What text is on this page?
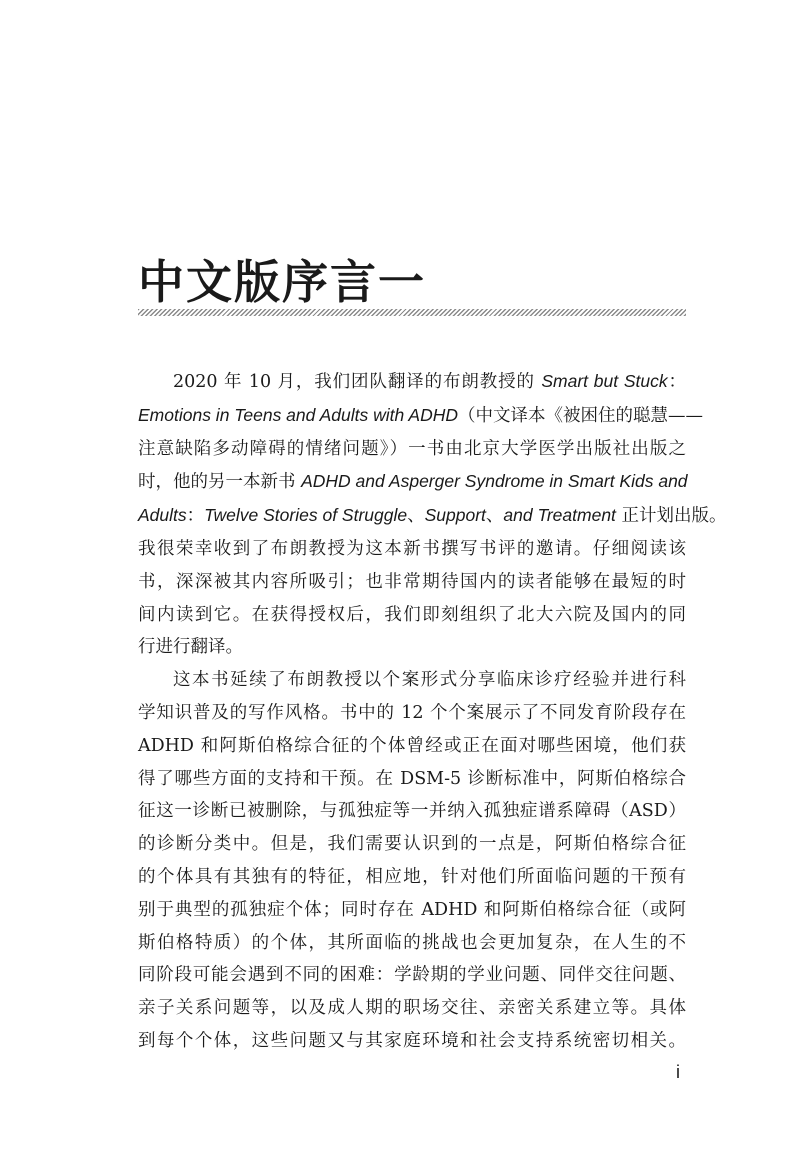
中文版序言一

2020 年 10 月，我们团队翻译的布朗教授的 Smart but Stuck：
Emotions in Teens and Adults with ADHD（中文译本《被困住的聪慧——
注意缺陷多动障碍的情绪问题》）一书由北京大学医学出版社出版之
时，他的另一本新书 ADHD and Asperger Syndrome in Smart Kids and
Adults：Twelve Stories of Struggle、Support、and Treatment 正计划出版。
我很荣幸收到了布朗教授为这本新书撰写书评的邀请。仔细阅读该
书，深深被其内容所吸引；也非常期待国内的读者能够在最短的时
间内读到它。在获得授权后，我们即刻组织了北大六院及国内的同
行进行翻译。

这本书延续了布朗教授以个案形式分享临床诊疗经验并进行科
学知识普及的写作风格。书中的 12 个个案展示了不同发育阶段存在
ADHD 和阿斯伯格综合征的个体曾经或正在面对哪些困境，他们获
得了哪些方面的支持和干预。在 DSM-5 诊断标准中，阿斯伯格综合
征这一诊断已被删除，与孤独症等一并纳入孤独症谱系障碍（ASD）
的诊断分类中。但是，我们需要认识到的一点是，阿斯伯格综合征
的个体具有其独有的特征，相应地，针对他们所面临问题的干预有
别于典型的孤独症个体；同时存在 ADHD 和阿斯伯格综合征（或阿
斯伯格特质）的个体，其所面临的挑战也会更加复杂，在人生的不
同阶段可能会遇到不同的困难：学龄期的学业问题、同伴交往问题、
亲子关系问题等，以及成人期的职场交往、亲密关系建立等。具体
到每个个体，这些问题又与其家庭环境和社会支持系统密切相关。

i
